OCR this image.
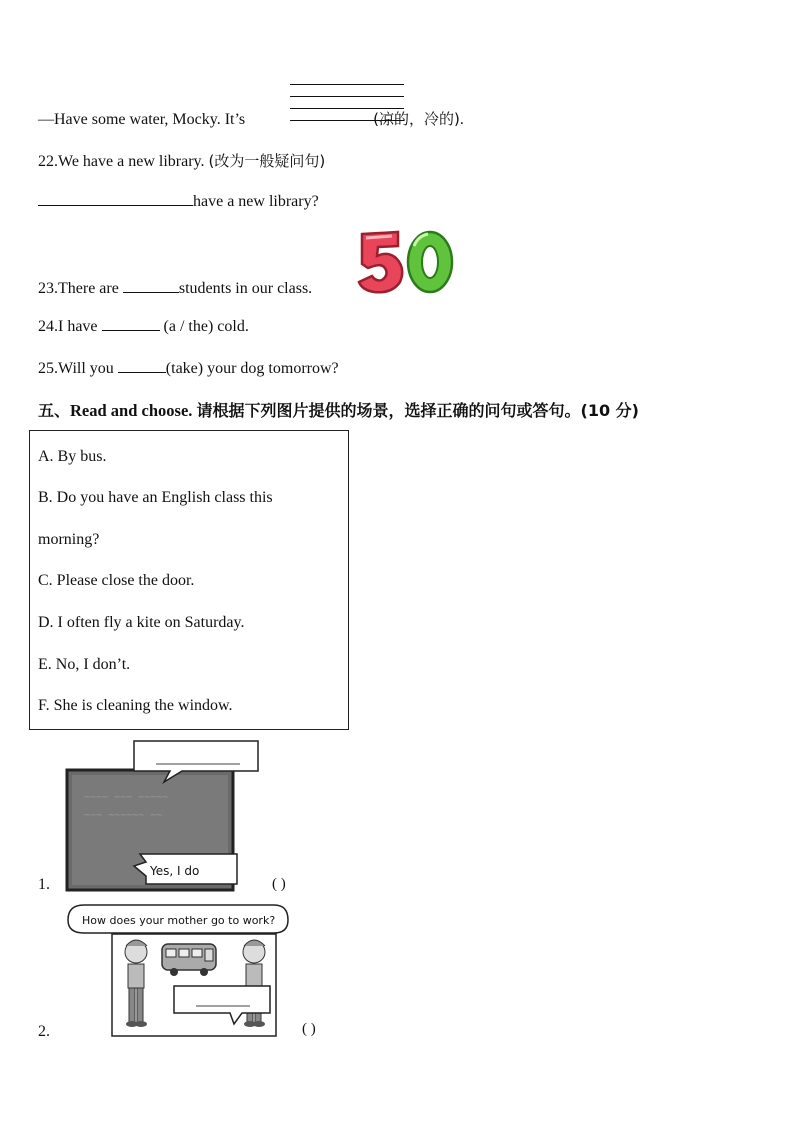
—Have some water, Mocky. It’s	(凉的，冷的).
22.We have a new library. (改为一般疑问句)
have a new library?
23.There are	students in our class.
24.I have	(a / the) cold.
25.Will you	(take) your dog tomorrow?
五、Read and choose. 请根据下列图片提供的场景，选择正确的问句或答句。(10 分)
A. By bus.
B. Do you have an English class this
morning?
C. Please close the door.
D. I often fly a kite on Saturday.
E. No, I don’t.
F. She is cleaning the window.
1.
~~~~ ~~~ ~~~~~
~~~ ~~~~~~ ~~
Yes, I do
( )
2.
How does your mother go to work?
( )
